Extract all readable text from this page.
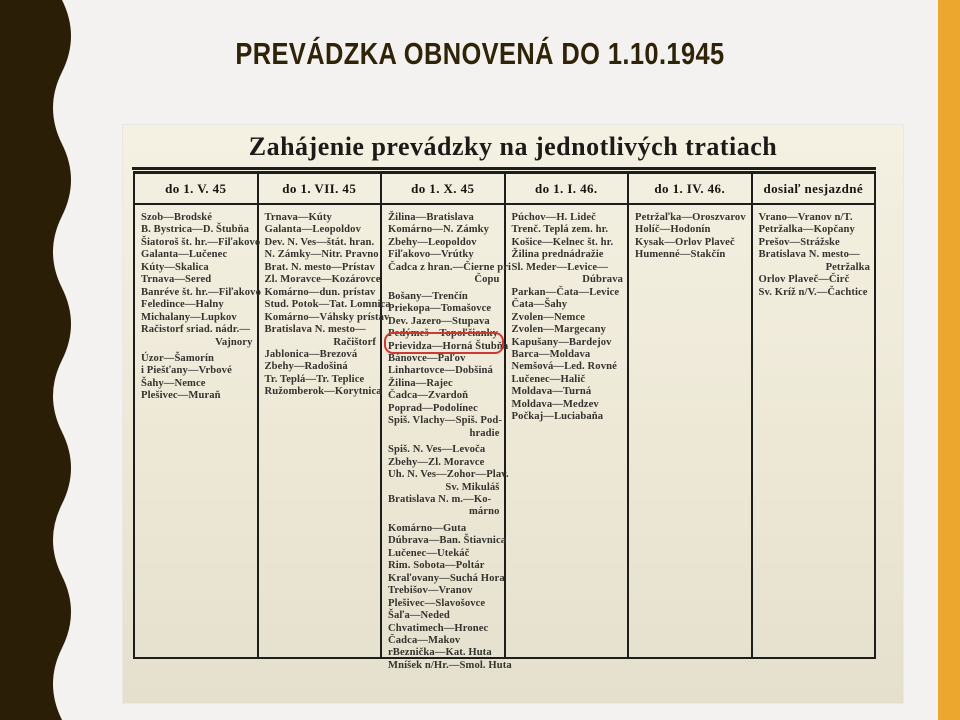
PREVÁDZKA OBNOVENÁ DO 1.10.1945
Zahájenie prevádzky na jednotlivých tratiach
do 1. V. 45
Szob—Brodské
B. Bystrica—D. Štubňa
Šiatoroš št. hr.—Fiľakovo
Galanta—Lučenec
Kúty—Skalica
Trnava—Sered
Banréve št. hr.—Fiľakovo
Feledince—Halny
Michalany—Lupkov
Račistorf sriad. nádr.—
Vajnory
Úzor—Šamorín
i Piešťany—Vrbové
Šahy—Nemce
Plešivec—Muraň
do 1. VII. 45
Trnava—Kúty
Galanta—Leopoldov
Dev. N. Ves—štát. hran.
N. Zámky—Nitr. Pravno
Brat. N. mesto—Prístav
Zl. Moravce—Kozárovce
Komárno—dun. prístav
Stud. Potok—Tat. Lomnica
Komárno—Váhsky prístav
Bratislava N. mesto—
Račištorf
Jablonica—Brezová
Zbehy—Radošiná
Tr. Teplá—Tr. Teplice
Ružomberok—Korytnica
do 1. X. 45
Žilina—Bratislava
Komárno—N. Zámky
Zbehy—Leopoldov
Fiľakovo—Vrútky
Čadca z hran.—Čierne pri
Čopu
Bošany—Trenčín
Priekopa—Tomašovce
Dev. Jazero—Stupava
Pedýmeš—Topoľčianky
Prievidza—Horná Štubňa
Bánovce—Paľov
Linhartovce—Dobšiná
Žilina—Rajec
Čadca—Zvardoň
Poprad—Podolínec
Spiš. Vlachy—Spiš. Pod-
hradie
Spiš. N. Ves—Levoča
Zbehy—Zl. Moravce
Uh. N. Ves—Zohor—Plav.
Sv. Mikuláš
Bratislava N. m.—Ko-
márno
Komárno—Guta
Dúbrava—Ban. Štiavnica
Lučenec—Utekáč
Rim. Sobota—Poltár
Kraľovany—Suchá Hora
Trebišov—Vranov
Plešivec—Slavošovce
Šaľa—Neded
Chvatimech—Hronec
Čadca—Makov
rBeznička—Kat. Huta
Mníšek n/Hr.—Smol. Huta
do 1. I. 46.
Púchov—H. Lideč
Trenč. Teplá zem. hr.
Košice—Kelnec št. hr.
Žilina prednádražie
Sl. Meder—Levice—
Dúbrava
Parkan—Čata—Levice
Čata—Šahy
Zvolen—Nemce
Zvolen—Margecany
Kapušany—Bardejov
Barca—Moldava
Nemšová—Led. Rovné
Lučenec—Halič
Moldava—Turná
Moldava—Medzev
Počkaj—Luciabaňa
do 1. IV. 46.
Petržaľka—Oroszvarov
Holíč—Hodonín
Kysak—Orlov Plaveč
Humenné—Stakčín
dosiaľ nesjazdné
Vrano—Vranov n/T.
Petržalka—Kopčany
Prešov—Strážske
Bratislava N. mesto—
Petržalka
Orlov Plaveč—Čirč
Sv. Kríž n/V.—Čachtice
